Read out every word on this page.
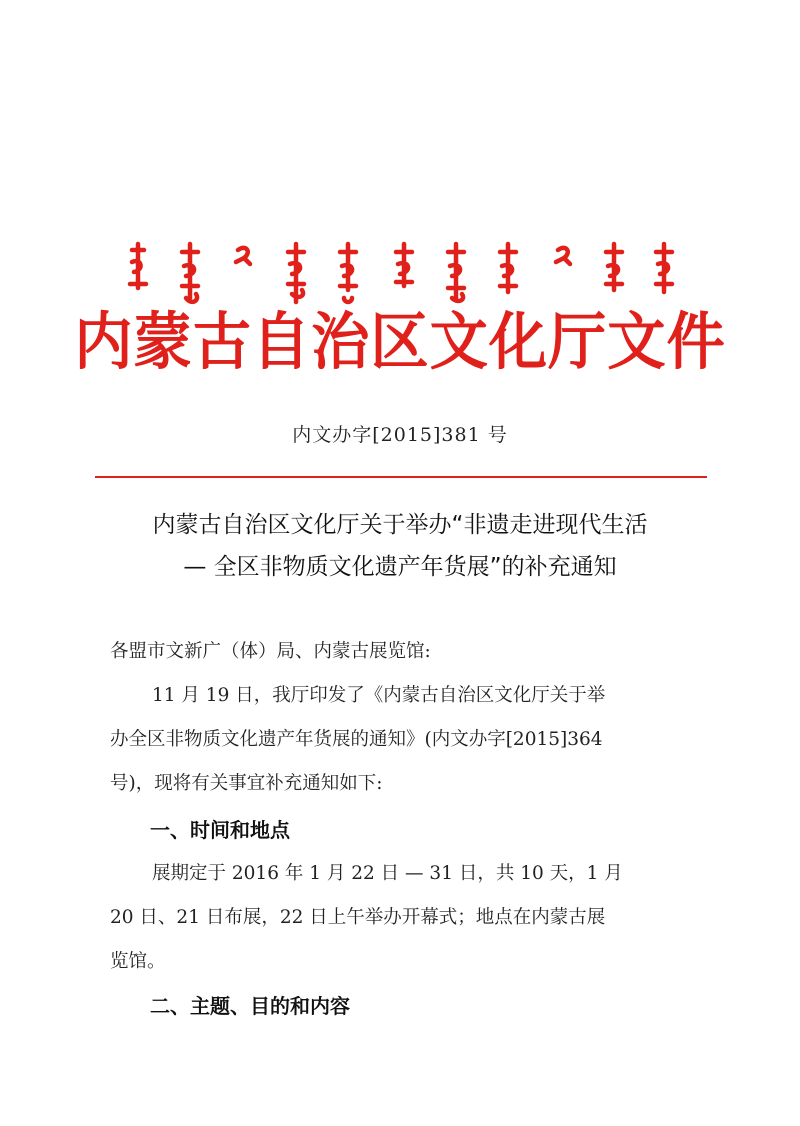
内蒙古自治区文化厅文件
内文办字[2015]381 号
内蒙古自治区文化厅关于举办“非遗走进现代生活
— 全区非物质文化遗产年货展”的补充通知
各盟市文新广（体）局、内蒙古展览馆:
11 月 19 日，我厅印发了《内蒙古自治区文化厅关于举
办全区非物质文化遗产年货展的通知》(内文办字[2015]364
号)，现将有关事宜补充通知如下:
一、时间和地点
展期定于 2016 年 1 月 22 日 — 31 日，共 10 天，1 月
20 日、21 日布展，22 日上午举办开幕式；地点在内蒙古展
览馆。
二、主题、目的和内容
